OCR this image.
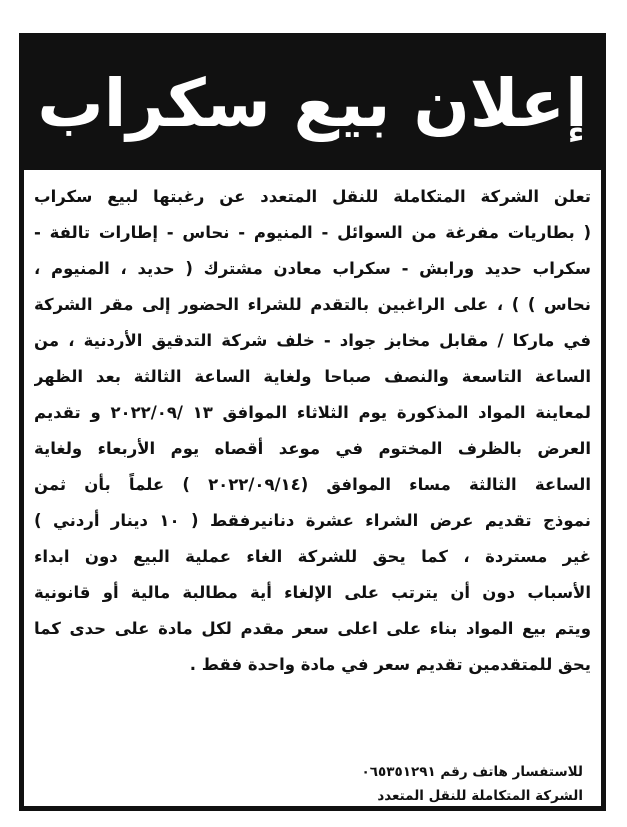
إعلان بيع سكراب
تعلن الشركة المتكاملة للنقل المتعدد عن رغبتها لبيع سكراب
( بطاريات مفرغة من السوائل - المنيوم - نحاس - إطارات تالفة -
سكراب حديد ورابش - سكراب معادن مشترك ( حديد ، المنيوم ،
نحاس ) ) ، على الراغبين بالتقدم للشراء الحضور إلى مقر الشركة
في ماركا / مقابل مخابز جواد - خلف شركة التدقيق الأردنية ، من
الساعة التاسعة والنصف صباحا ولغاية الساعة الثالثة بعد الظهر
لمعاينة المواد المذكورة يوم الثلاثاء الموافق ١٣ /٢٠٢٢/٠٩ و تقديم
العرض بالظرف المختوم في موعد أقصاه يوم الأربعاء ولغاية
الساعة الثالثة مساء الموافق (٢٠٢٢/٠٩/١٤ ) علماً بأن ثمن
نموذج تقديم عرض الشراء عشرة دنانيرفقط ( ١٠ دينار أردني )
غير مستردة ، كما يحق للشركة الغاء عملية البيع دون ابداء
الأسباب دون أن يترتب على الإلغاء أية مطالبة مالية أو قانونية
ويتم بيع المواد بناء على اعلى سعر مقدم لكل مادة على حدى كما
يحق للمتقدمين تقديم سعر في مادة واحدة فقط .
للاستفسار هاتف رقم ٠٦٥٣٥١٢٩١
الشركة المتكاملة للنقل المتعدد
